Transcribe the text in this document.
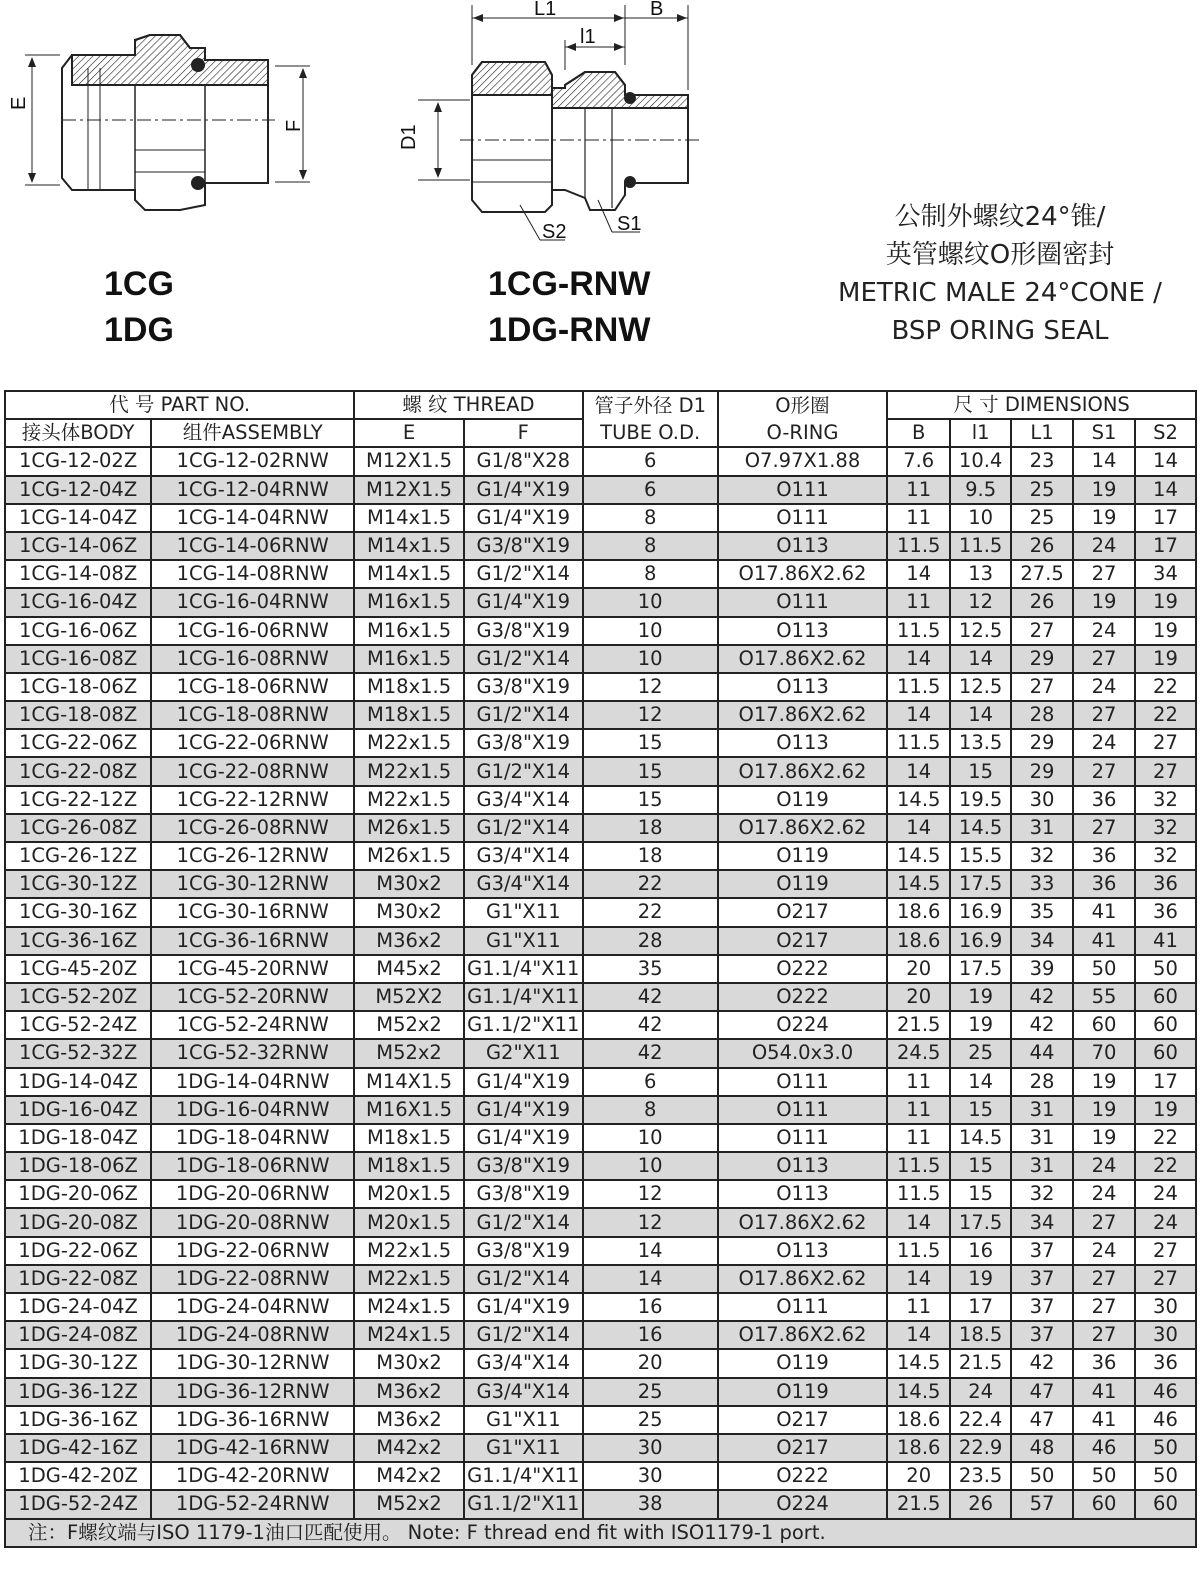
E
F
L1	B
l1
D1
S1
S2
1CG
1DG
1CG-RNW
1DG-RNW
公制外螺纹24°锥/
英管螺纹O形圈密封
METRIC MALE 24°CONE /
BSP ORING SEAL
代 号 PART NO.		螺 纹 THREAD		管子外径 D1	O形圈	尺 寸 DIMENSIONS				
接头体BODY	组件ASSEMBLY	E	F	TUBE O.D.	O-RING	B	l1	L1	S1	S2
1CG-12-02Z	1CG-12-02RNW	M12X1.5	G1/8"X28	6	O7.97X1.88	7.6	10.4	23	14	14
1CG-12-04Z	1CG-12-04RNW	M12X1.5	G1/4"X19	6	O111	11	9.5	25	19	14
1CG-14-04Z	1CG-14-04RNW	M14x1.5	G1/4"X19	8	O111	11	10	25	19	17
1CG-14-06Z	1CG-14-06RNW	M14x1.5	G3/8"X19	8	O113	11.5	11.5	26	24	17
1CG-14-08Z	1CG-14-08RNW	M14x1.5	G1/2"X14	8	O17.86X2.62	14	13	27.5	27	34
1CG-16-04Z	1CG-16-04RNW	M16x1.5	G1/4"X19	10	O111	11	12	26	19	19
1CG-16-06Z	1CG-16-06RNW	M16x1.5	G3/8"X19	10	O113	11.5	12.5	27	24	19
1CG-16-08Z	1CG-16-08RNW	M16x1.5	G1/2"X14	10	O17.86X2.62	14	14	29	27	19
1CG-18-06Z	1CG-18-06RNW	M18x1.5	G3/8"X19	12	O113	11.5	12.5	27	24	22
1CG-18-08Z	1CG-18-08RNW	M18x1.5	G1/2"X14	12	O17.86X2.62	14	14	28	27	22
1CG-22-06Z	1CG-22-06RNW	M22x1.5	G3/8"X19	15	O113	11.5	13.5	29	24	27
1CG-22-08Z	1CG-22-08RNW	M22x1.5	G1/2"X14	15	O17.86X2.62	14	15	29	27	27
1CG-22-12Z	1CG-22-12RNW	M22x1.5	G3/4"X14	15	O119	14.5	19.5	30	36	32
1CG-26-08Z	1CG-26-08RNW	M26x1.5	G1/2"X14	18	O17.86X2.62	14	14.5	31	27	32
1CG-26-12Z	1CG-26-12RNW	M26x1.5	G3/4"X14	18	O119	14.5	15.5	32	36	32
1CG-30-12Z	1CG-30-12RNW	M30x2	G3/4"X14	22	O119	14.5	17.5	33	36	36
1CG-30-16Z	1CG-30-16RNW	M30x2	G1"X11	22	O217	18.6	16.9	35	41	36
1CG-36-16Z	1CG-36-16RNW	M36x2	G1"X11	28	O217	18.6	16.9	34	41	41
1CG-45-20Z	1CG-45-20RNW	M45x2	G1.1/4"X11	35	O222	20	17.5	39	50	50
1CG-52-20Z	1CG-52-20RNW	M52X2	G1.1/4"X11	42	O222	20	19	42	55	60
1CG-52-24Z	1CG-52-24RNW	M52x2	G1.1/2"X11	42	O224	21.5	19	42	60	60
1CG-52-32Z	1CG-52-32RNW	M52x2	G2"X11	42	O54.0x3.0	24.5	25	44	70	60
1DG-14-04Z	1DG-14-04RNW	M14X1.5	G1/4"X19	6	O111	11	14	28	19	17
1DG-16-04Z	1DG-16-04RNW	M16X1.5	G1/4"X19	8	O111	11	15	31	19	19
1DG-18-04Z	1DG-18-04RNW	M18x1.5	G1/4"X19	10	O111	11	14.5	31	19	22
1DG-18-06Z	1DG-18-06RNW	M18x1.5	G3/8"X19	10	O113	11.5	15	31	24	22
1DG-20-06Z	1DG-20-06RNW	M20x1.5	G3/8"X19	12	O113	11.5	15	32	24	24
1DG-20-08Z	1DG-20-08RNW	M20x1.5	G1/2"X14	12	O17.86X2.62	14	17.5	34	27	24
1DG-22-06Z	1DG-22-06RNW	M22x1.5	G3/8"X19	14	O113	11.5	16	37	24	27
1DG-22-08Z	1DG-22-08RNW	M22x1.5	G1/2"X14	14	O17.86X2.62	14	19	37	27	27
1DG-24-04Z	1DG-24-04RNW	M24x1.5	G1/4"X19	16	O111	11	17	37	27	30
1DG-24-08Z	1DG-24-08RNW	M24x1.5	G1/2"X14	16	O17.86X2.62	14	18.5	37	27	30
1DG-30-12Z	1DG-30-12RNW	M30x2	G3/4"X14	20	O119	14.5	21.5	42	36	36
1DG-36-12Z	1DG-36-12RNW	M36x2	G3/4"X14	25	O119	14.5	24	47	41	46
1DG-36-16Z	1DG-36-16RNW	M36x2	G1"X11	25	O217	18.6	22.4	47	41	46
1DG-42-16Z	1DG-42-16RNW	M42x2	G1"X11	30	O217	18.6	22.9	48	46	50
1DG-42-20Z	1DG-42-20RNW	M42x2	G1.1/4"X11	30	O222	20	23.5	50	50	50
1DG-52-24Z	1DG-52-24RNW	M52x2	G1.1/2"X11	38	O224	21.5	26	57	60	60
注：F螺纹端与ISO 1179-1油口匹配使用。 Note: F thread end fit with ISO1179-1 port.										
